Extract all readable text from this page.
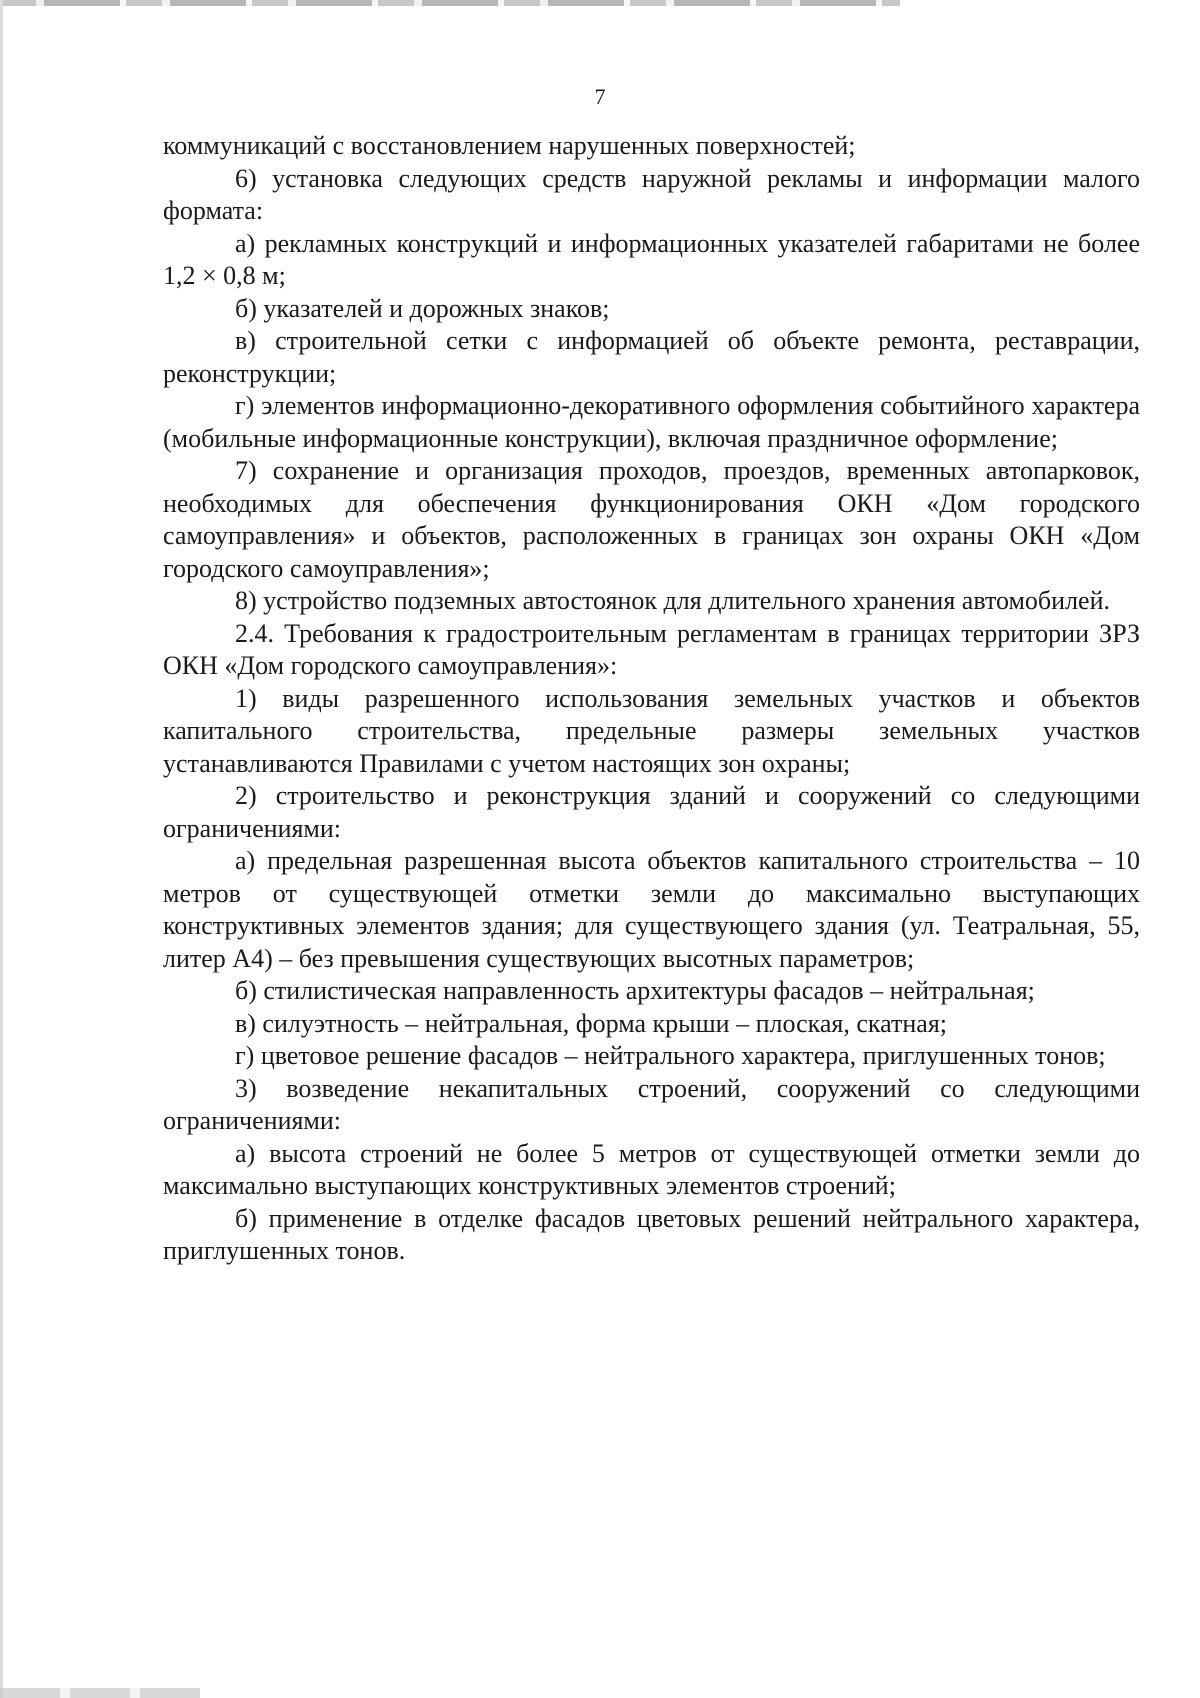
7

коммуникаций с восстановлением нарушенных поверхностей;

6) установка следующих средств наружной рекламы и информации малого формата:

а) рекламных конструкций и информационных указателей габаритами не более 1,2 × 0,8 м;

б) указателей и дорожных знаков;

в) строительной сетки с информацией об объекте ремонта, реставрации, реконструкции;

г) элементов информационно-декоративного оформления событийного характера (мобильные информационные конструкции), включая праздничное оформление;

7) сохранение и организация проходов, проездов, временных автопарковок, необходимых для обеспечения функционирования ОКН «Дом городского самоуправления» и объектов, расположенных в границах зон охраны ОКН «Дом городского самоуправления»;

8) устройство подземных автостоянок для длительного хранения автомобилей.

2.4. Требования к градостроительным регламентам в границах территории ЗРЗ ОКН «Дом городского самоуправления»:

1) виды разрешенного использования земельных участков и объектов капитального строительства, предельные размеры земельных участков устанавливаются Правилами с учетом настоящих зон охраны;

2) строительство и реконструкция зданий и сооружений со следующими ограничениями:

а) предельная разрешенная высота объектов капитального строительства – 10 метров от существующей отметки земли до максимально выступающих конструктивных элементов здания; для существующего здания (ул. Театральная, 55, литер А4) – без превышения существующих высотных параметров;

б) стилистическая направленность архитектуры фасадов – нейтральная;

в) силуэтность – нейтральная, форма крыши – плоская, скатная;

г) цветовое решение фасадов – нейтрального характера, приглушенных тонов;

3) возведение некапитальных строений, сооружений со следующими ограничениями:

а) высота строений не более 5 метров от существующей отметки земли до максимально выступающих конструктивных элементов строений;

б) применение в отделке фасадов цветовых решений нейтрального характера, приглушенных тонов.
